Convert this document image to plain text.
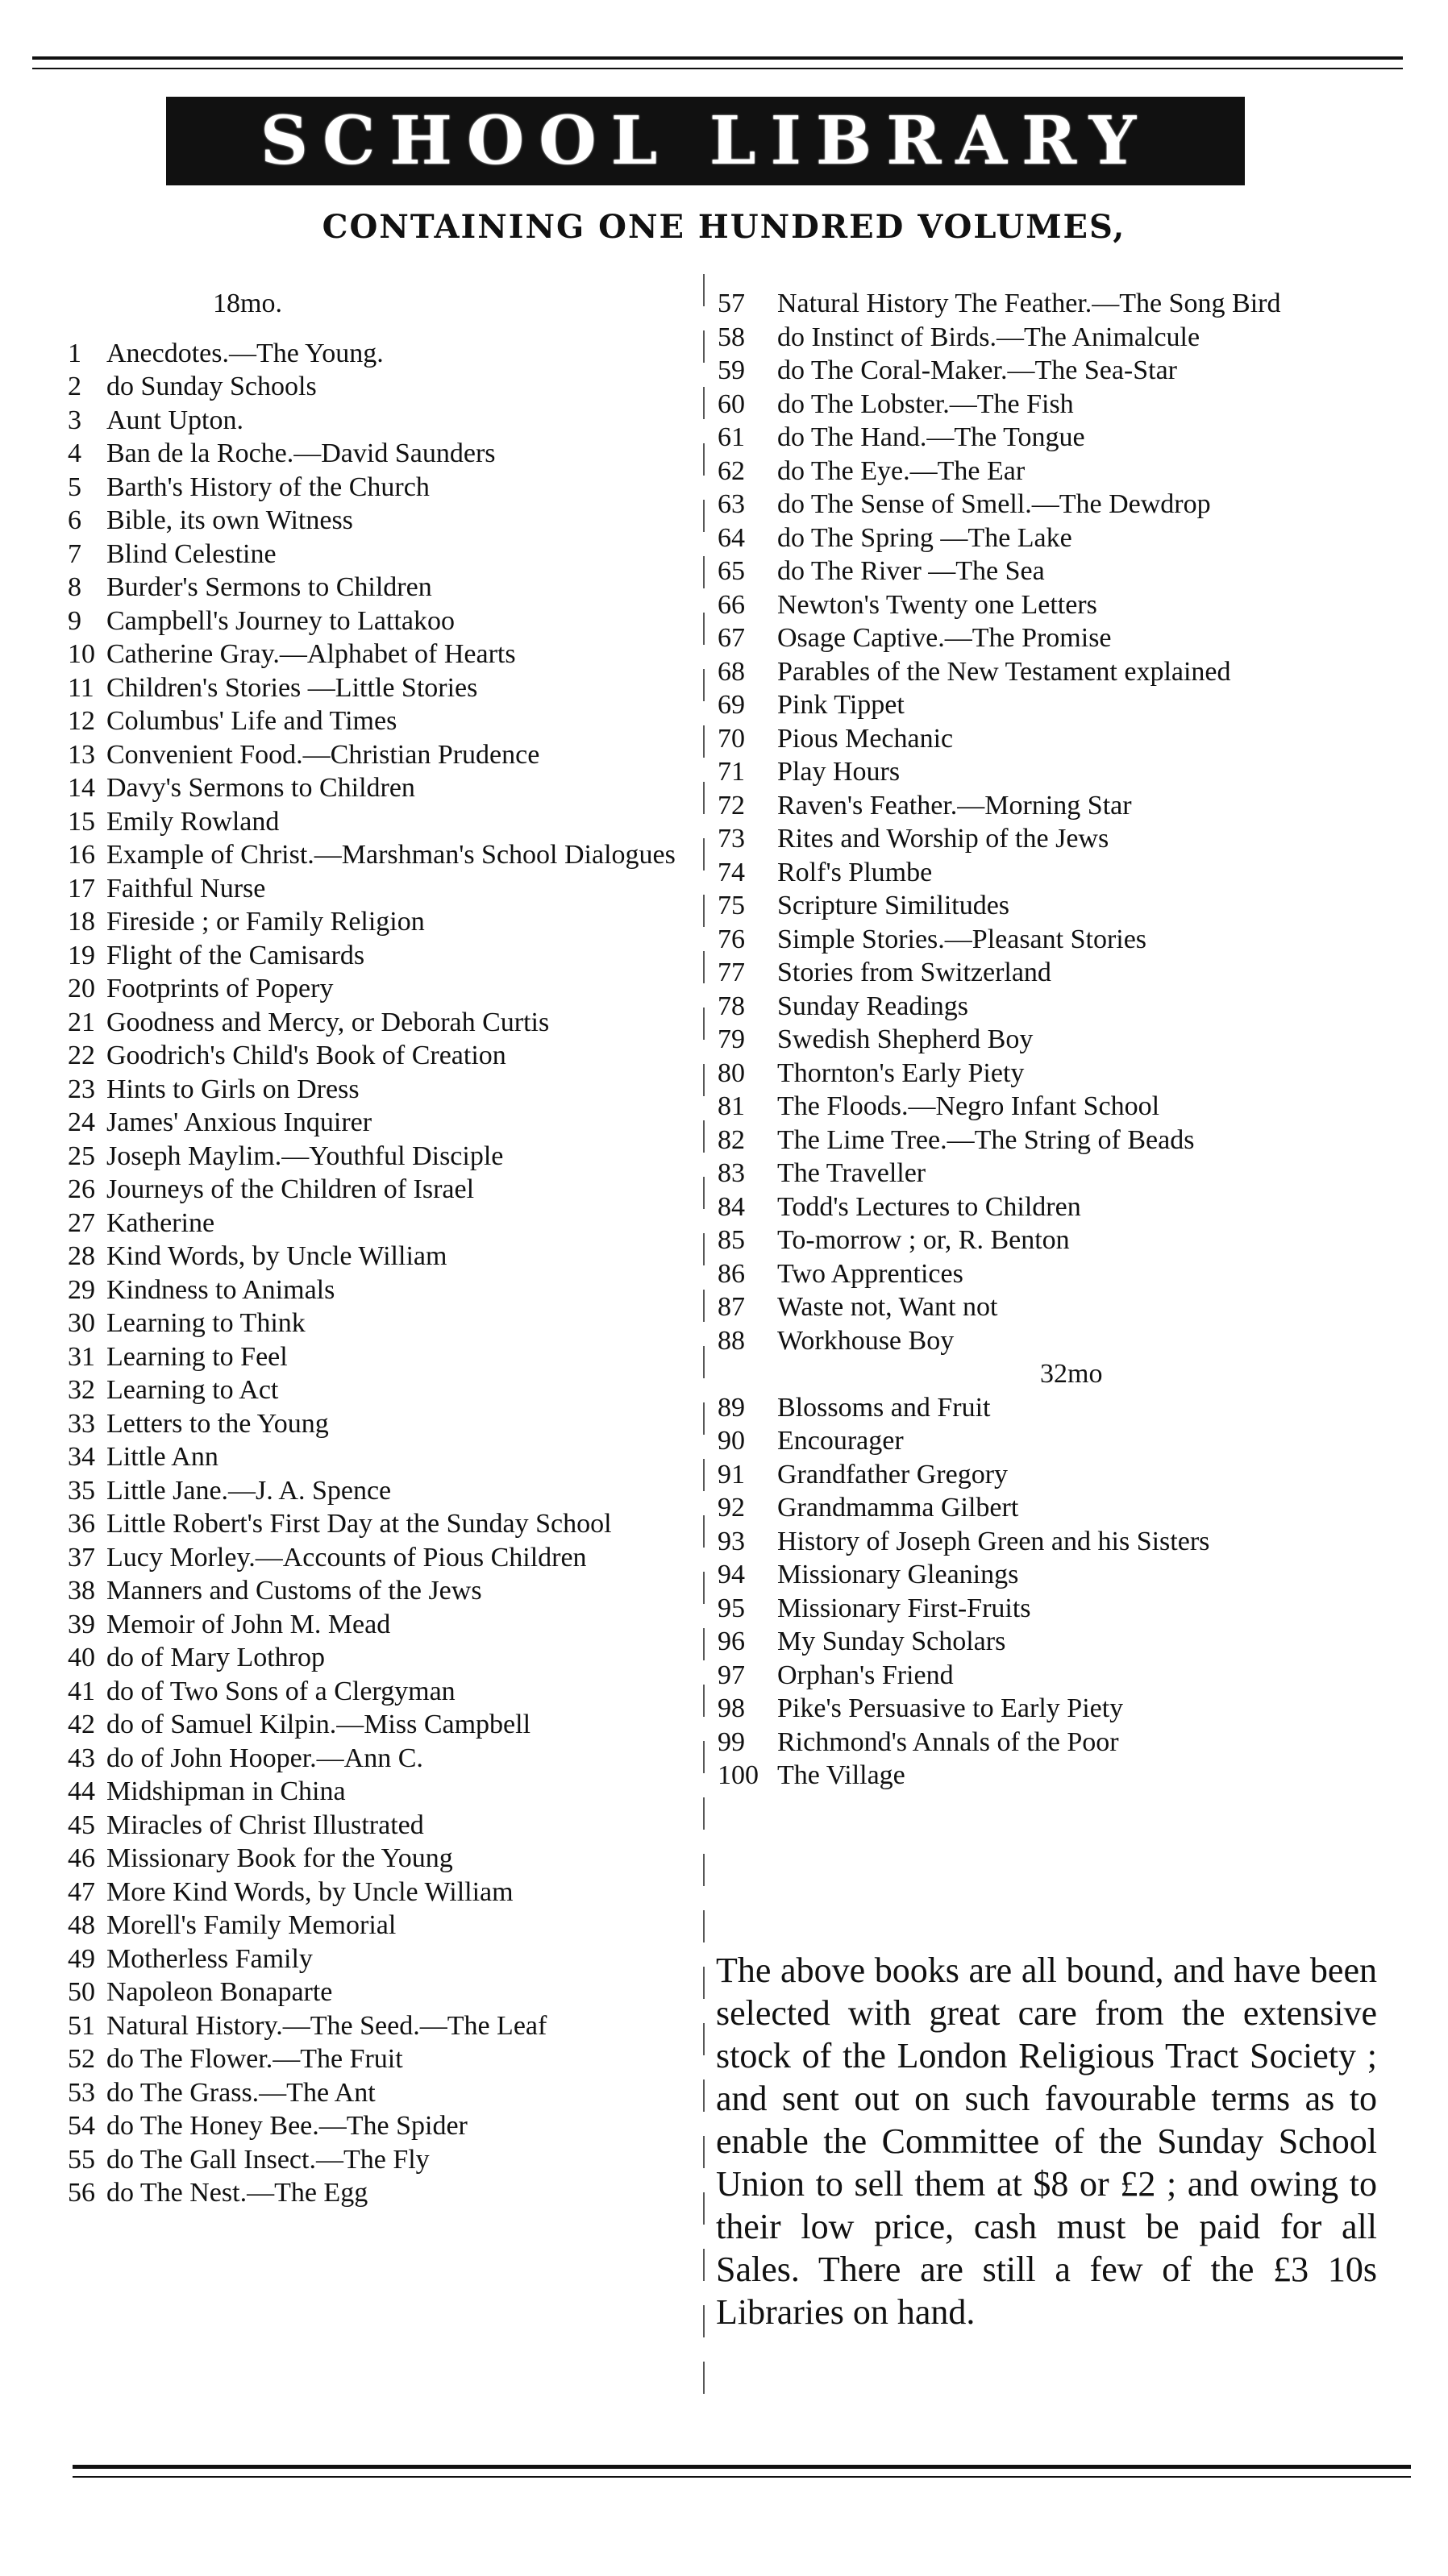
SCHOOL LIBRARY
CONTAINING ONE HUNDRED VOLUMES,
18mo.
1 Anecdotes.—The Young.
2 do Sunday Schools
3 Aunt Upton.
4 Ban de la Roche.—David Saunders
5 Barth's History of the Church
6 Bible, its own Witness
7 Blind Celestine
8 Burder's Sermons to Children
9 Campbell's Journey to Lattakoo
10 Catherine Gray.—Alphabet of Hearts
11 Children's Stories —Little Stories
12 Columbus' Life and Times
13 Convenient Food.—Christian Prudence
14 Davy's Sermons to Children
15 Emily Rowland
16 Example of Christ.—Marshman's School Dialogues
17 Faithful Nurse
18 Fireside ; or Family Religion
19 Flight of the Camisards
20 Footprints of Popery
21 Goodness and Mercy, or Deborah Curtis
22 Goodrich's Child's Book of Creation
23 Hints to Girls on Dress
24 James' Anxious Inquirer
25 Joseph Maylim.—Youthful Disciple
26 Journeys of the Children of Israel
27 Katherine
28 Kind Words, by Uncle William
29 Kindness to Animals
30 Learning to Think
31 Learning to Feel
32 Learning to Act
33 Letters to the Young
34 Little Ann
35 Little Jane.—J. A. Spence
36 Little Robert's First Day at the Sunday School
37 Lucy Morley.—Accounts of Pious Children
38 Manners and Customs of the Jews
39 Memoir of John M. Mead
40 do of Mary Lothrop
41 do of Two Sons of a Clergyman
42 do of Samuel Kilpin.—Miss Campbell
43 do of John Hooper.—Ann C.
44 Midshipman in China
45 Miracles of Christ Illustrated
46 Missionary Book for the Young
47 More Kind Words, by Uncle William
48 Morell's Family Memorial
49 Motherless Family
50 Napoleon Bonaparte
51 Natural History.—The Seed.—The Leaf
52 do The Flower.—The Fruit
53 do The Grass.—The Ant
54 do The Honey Bee.—The Spider
55 do The Gall Insect.—The Fly
56 do The Nest.—The Egg
57	Natural History The Feather.—The Song Bird
58	do Instinct of Birds.—The Animalcule
59	do The Coral-Maker.—The Sea-Star
60	do The Lobster.—The Fish
61	do The Hand.—The Tongue
62	do The Eye.—The Ear
63	do The Sense of Smell.—The Dewdrop
64	do The Spring —The Lake
65	do The River —The Sea
66	Newton's Twenty one Letters
67	Osage Captive.—The Promise
68	Parables of the New Testament explained
69	Pink Tippet
70	Pious Mechanic
71	Play Hours
72	Raven's Feather.—Morning Star
73	Rites and Worship of the Jews
74	Rolf's Plumbe
75	Scripture Similitudes
76	Simple Stories.—Pleasant Stories
77	Stories from Switzerland
78	Sunday Readings
79	Swedish Shepherd Boy
80	Thornton's Early Piety
81	The Floods.—Negro Infant School
82	The Lime Tree.—The String of Beads
83	The Traveller
84	Todd's Lectures to Children
85	To-morrow ; or, R. Benton
86	Two Apprentices
87	Waste not, Want not
88	Workhouse Boy
32mo
89	Blossoms and Fruit
90	Encourager
91	Grandfather Gregory
92	Grandmamma Gilbert
93	History of Joseph Green and his Sisters
94	Missionary Gleanings
95	Missionary First-Fruits
96	My Sunday Scholars
97	Orphan's Friend
98	Pike's Persuasive to Early Piety
99	Richmond's Annals of the Poor
100 The Village
The above books are all bound, and have been selected with great care from the extensive stock of the London Religious Tract Society ; and sent out on such favourable terms as to enable the Committee of the Sunday School Union to sell them at $8 or £2 ; and owing to their low price, cash must be paid for all Sales. There are still a few of the £3 10s Libraries on hand.
